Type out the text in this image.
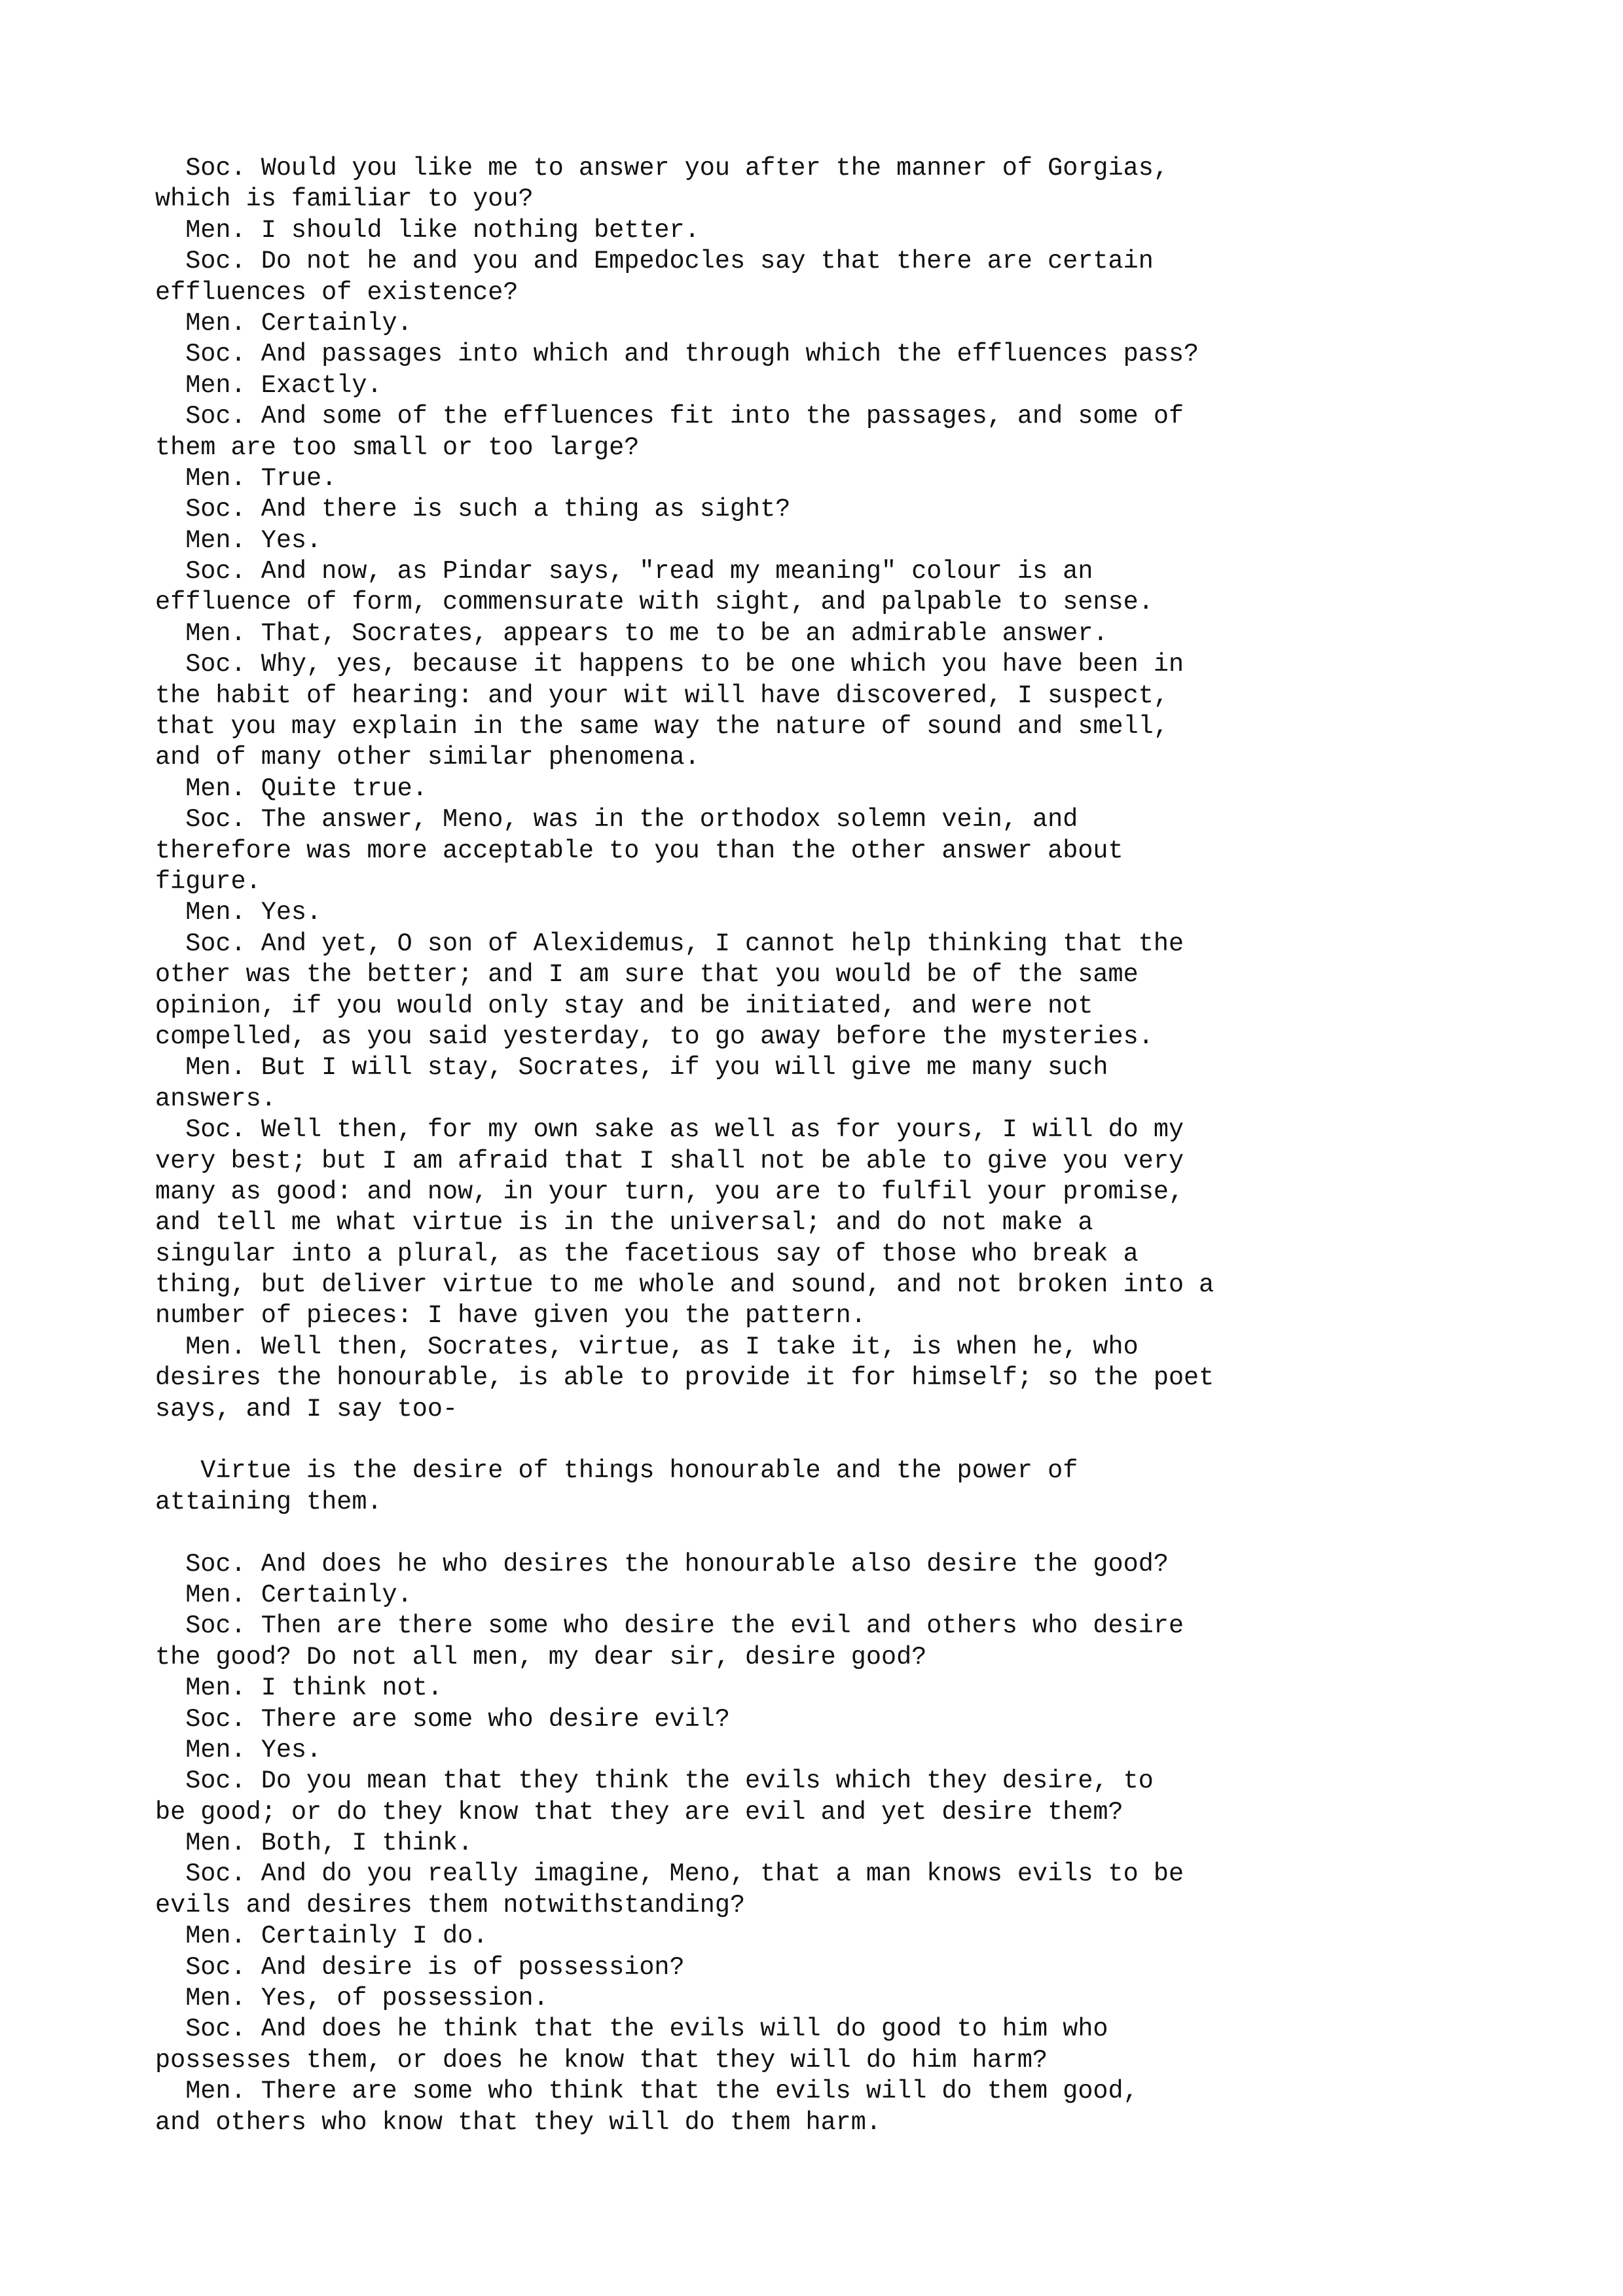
Soc. Would you like me to answer you after the manner of Gorgias,
which is familiar to you?
Men. I should like nothing better.
Soc. Do not he and you and Empedocles say that there are certain
effluences of existence?
Men. Certainly.
Soc. And passages into which and through which the effluences pass?
Men. Exactly.
Soc. And some of the effluences fit into the passages, and some of
them are too small or too large?
Men. True.
Soc. And there is such a thing as sight?
Men. Yes.
Soc. And now, as Pindar says, "read my meaning" colour is an
effluence of form, commensurate with sight, and palpable to sense.
Men. That, Socrates, appears to me to be an admirable answer.
Soc. Why, yes, because it happens to be one which you have been in
the habit of hearing: and your wit will have discovered, I suspect,
that you may explain in the same way the nature of sound and smell,
and of many other similar phenomena.
Men. Quite true.
Soc. The answer, Meno, was in the orthodox solemn vein, and
therefore was more acceptable to you than the other answer about
figure.
Men. Yes.
Soc. And yet, O son of Alexidemus, I cannot help thinking that the
other was the better; and I am sure that you would be of the same
opinion, if you would only stay and be initiated, and were not
compelled, as you said yesterday, to go away before the mysteries.
Men. But I will stay, Socrates, if you will give me many such
answers.
Soc. Well then, for my own sake as well as for yours, I will do my
very best; but I am afraid that I shall not be able to give you very
many as good: and now, in your turn, you are to fulfil your promise,
and tell me what virtue is in the universal; and do not make a
singular into a plural, as the facetious say of those who break a
thing, but deliver virtue to me whole and sound, and not broken into a
number of pieces: I have given you the pattern.
Men. Well then, Socrates, virtue, as I take it, is when he, who
desires the honourable, is able to provide it for himself; so the poet
says, and I say too-
Virtue is the desire of things honourable and the power of
attaining them.
Soc. And does he who desires the honourable also desire the good?
Men. Certainly.
Soc. Then are there some who desire the evil and others who desire
the good? Do not all men, my dear sir, desire good?
Men. I think not.
Soc. There are some who desire evil?
Men. Yes.
Soc. Do you mean that they think the evils which they desire, to
be good; or do they know that they are evil and yet desire them?
Men. Both, I think.
Soc. And do you really imagine, Meno, that a man knows evils to be
evils and desires them notwithstanding?
Men. Certainly I do.
Soc. And desire is of possession?
Men. Yes, of possession.
Soc. And does he think that the evils will do good to him who
possesses them, or does he know that they will do him harm?
Men. There are some who think that the evils will do them good,
and others who know that they will do them harm.
